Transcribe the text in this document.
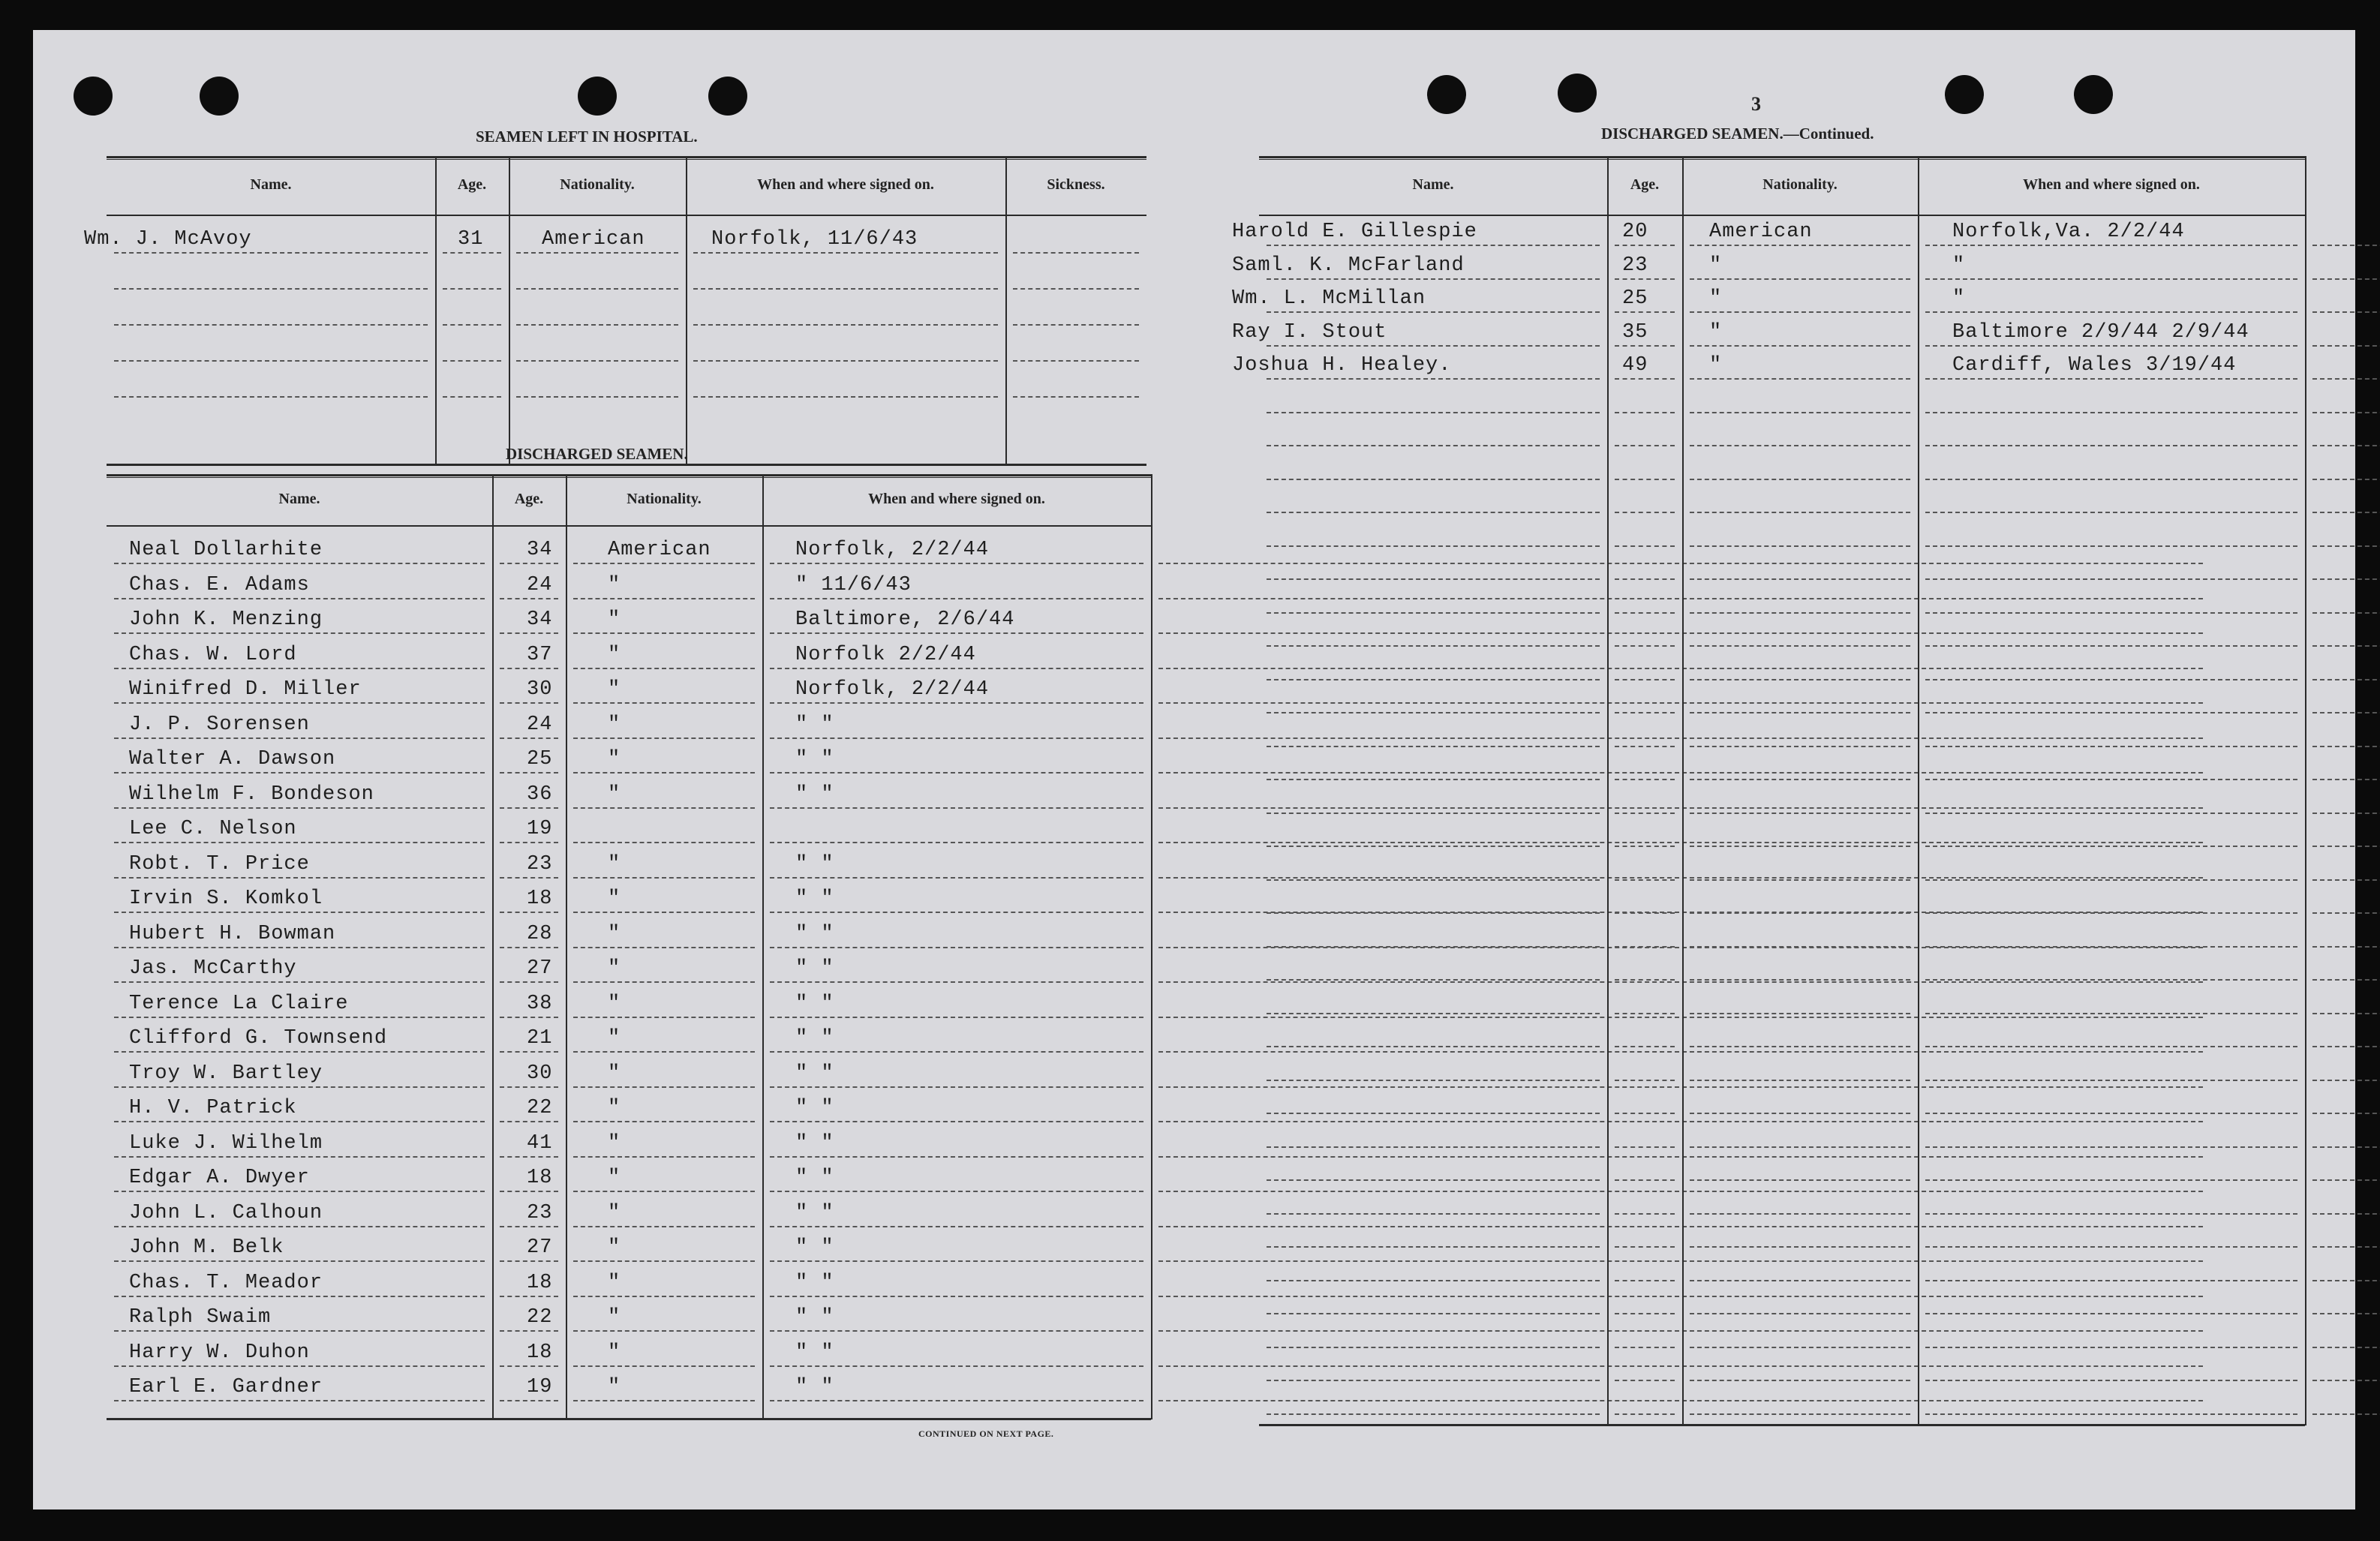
SEAMEN LEFT IN HOSPITAL.
Name.	Age.	Nationality.	When and where signed on.	Sickness.
Wm. J. McAvoy	31	American	Norfolk, 11/6/43
DISCHARGED SEAMEN.
Name.	Age.	Nationality.	When and where signed on.
Neal Dollarhite	34	American	Norfolk, 2/2/44
Chas. E. Adams	24	"	" 11/6/43
John K. Menzing	34	"	Baltimore, 2/6/44
Chas. W. Lord	37	"	Norfolk 2/2/44
Winifred D. Miller	30	"	Norfolk, 2/2/44
J. P. Sorensen	24	"	" "
Walter A. Dawson	25	"	" "
Wilhelm F. Bondeson	36	"	" "
Lee C. Nelson	19
Robt. T. Price	23	"	" "
Irvin S. Komkol	18	"	" "
Hubert H. Bowman	28	"	" "
Jas. McCarthy	27	"	" "
Terence La Claire	38	"	" "
Clifford G. Townsend	21	"	" "
Troy W. Bartley	30	"	" "
H. V. Patrick	22	"	" "
Luke J. Wilhelm	41	"	" "
Edgar A. Dwyer	18	"	" "
John L. Calhoun	23	"	" "
John M. Belk	27	"	" "
Chas. T. Meador	18	"	" "
Ralph Swaim	22	"	" "
Harry W. Duhon	18	"	" "
Earl E. Gardner	19	"	" "
CONTINUED ON NEXT PAGE.
3
DISCHARGED SEAMEN.—Continued.
Name.	Age.	Nationality.	When and where signed on.
Harold E. Gillespie	20	American	Norfolk,Va. 2/2/44
Saml. K. McFarland	23	"	"
Wm. L. McMillan	25	"	"
Ray I. Stout	35	"	Baltimore 2/9/44 2/9/44
Joshua H. Healey.	49	"	Cardiff, Wales 3/19/44
